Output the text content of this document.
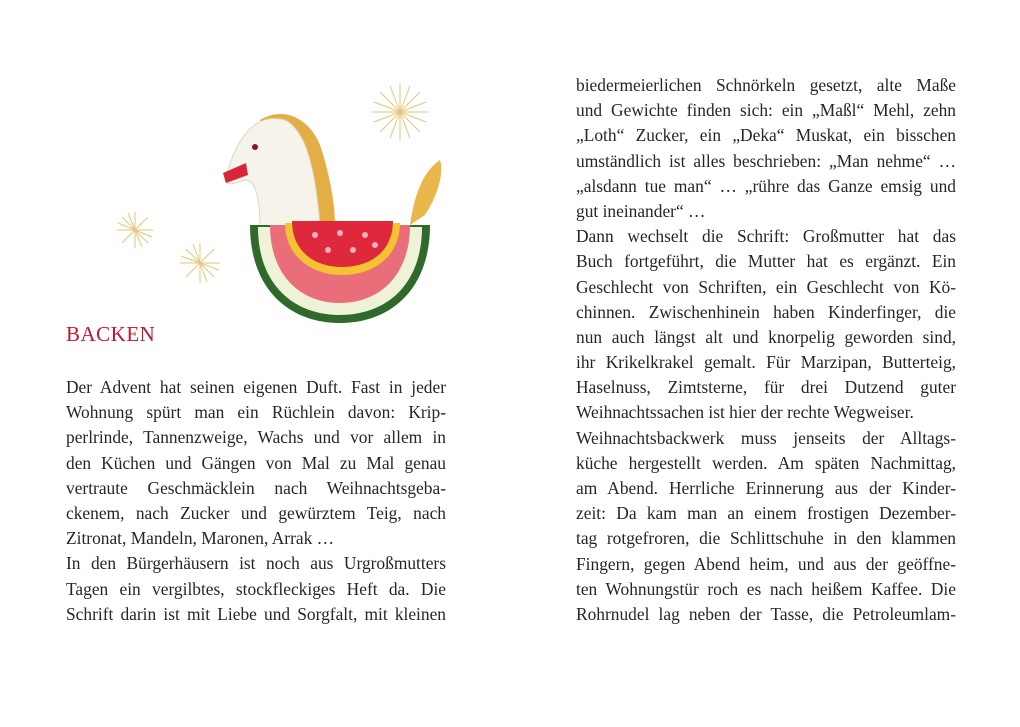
BACKEN
Der Advent hat seinen eigenen Duft. Fast in jeder
Wohnung spürt man ein Rüchlein davon: Krip-
perlrinde, Tannenzweige, Wachs und vor allem in
den Küchen und Gängen von Mal zu Mal genau
vertraute Geschmäcklein nach Weihnachtsgeba-
ckenem, nach Zucker und gewürztem Teig, nach
Zitronat, Mandeln, Maronen, Arrak …
In den Bürgerhäusern ist noch aus Urgroßmutters
Tagen ein vergilbtes, stockfleckiges Heft da. Die
Schrift darin ist mit Liebe und Sorgfalt, mit kleinen
biedermeierlichen Schnörkeln gesetzt, alte Maße
und Gewichte finden sich: ein „Maßl“ Mehl, zehn
„Loth“ Zucker, ein „Deka“ Muskat, ein bisschen
umständlich ist alles beschrieben: „Man nehme“ …
„alsdann tue man“ … „rühre das Ganze emsig und
gut ineinander“ …
Dann wechselt die Schrift: Großmutter hat das
Buch fortgeführt, die Mutter hat es ergänzt. Ein
Geschlecht von Schriften, ein Geschlecht von Kö-
chinnen. Zwischenhinein haben Kinderfinger, die
nun auch längst alt und knorpelig geworden sind,
ihr Krikelkrakel gemalt. Für Marzipan, Butterteig,
Haselnuss, Zimtsterne, für drei Dutzend guter
Weihnachtssachen ist hier der rechte Wegweiser.
Weihnachtsbackwerk muss jenseits der Alltags-
küche hergestellt werden. Am späten Nachmittag,
am Abend. Herrliche Erinnerung aus der Kinder-
zeit: Da kam man an einem frostigen Dezember-
tag rotgefroren, die Schlittschuhe in den klammen
Fingern, gegen Abend heim, und aus der geöffne-
ten Wohnungstür roch es nach heißem Kaffee. Die
Rohrnudel lag neben der Tasse, die Petroleumlam-
